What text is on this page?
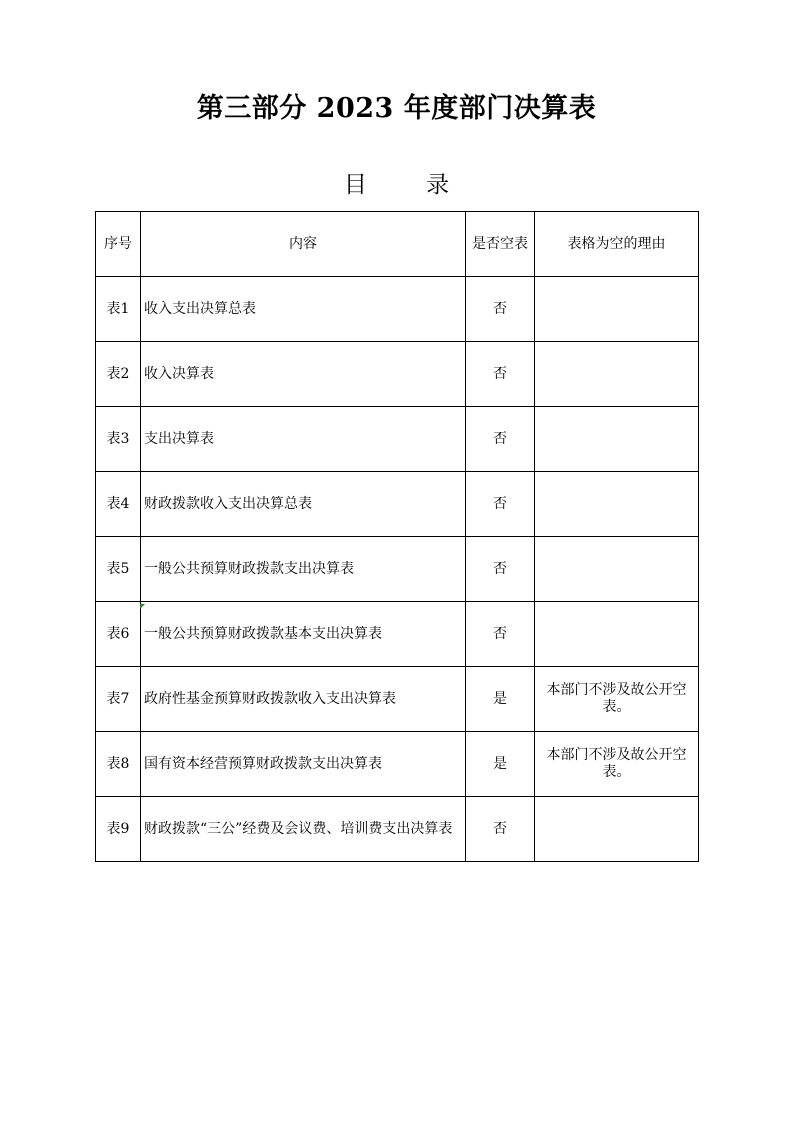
第三部分 2023 年度部门决算表
目 录
序号	内容	是否空表	表格为空的理由
表1	收入支出决算总表	否	
表2	收入决算表	否	
表3	支出决算表	否	
表4	财政拨款收入支出决算总表	否	
表5	一般公共预算财政拨款支出决算表	否	
表6	一般公共预算财政拨款基本支出决算表	否	
表7	政府性基金预算财政拨款收入支出决算表	是	本部门不涉及故公开空表。
表8	国有资本经营预算财政拨款支出决算表	是	本部门不涉及故公开空表。
表9	财政拨款“三公”经费及会议费、培训费支出决算表	否	
